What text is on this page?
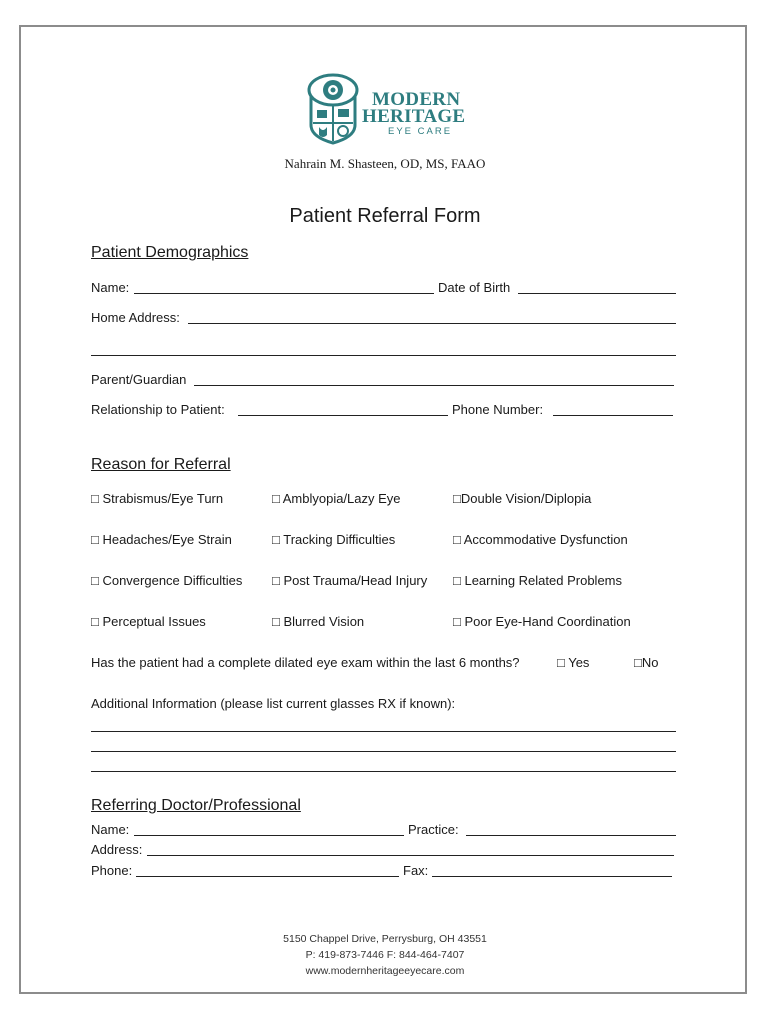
MODERN
HERITAGE
EYE CARE
Nahrain M. Shasteen, OD, MS, FAAO
Patient Referral Form
Patient Demographics
Name:	Date of Birth
Home Address:
Parent/Guardian
Relationship to Patient:	Phone Number:
Reason for Referral
□ Strabismus/Eye Turn	□ Amblyopia/Lazy Eye	□Double Vision/Diplopia
□ Headaches/Eye Strain	□ Tracking Difficulties	□ Accommodative Dysfunction
□ Convergence Difficulties □ Post Trauma/Head Injury □ Learning Related Problems
□ Perceptual Issues	□ Blurred Vision	□ Poor Eye-Hand Coordination
Has the patient had a complete dilated eye exam within the last 6 months?	□ Yes	□No
Additional Information (please list current glasses RX if known):
Referring Doctor/Professional
Name:	Practice:
Address:
Phone:	Fax:
5150 Chappel Drive, Perrysburg, OH 43551
P: 419-873-7446 F: 844-464-7407
www.modernheritageeyecare.com
